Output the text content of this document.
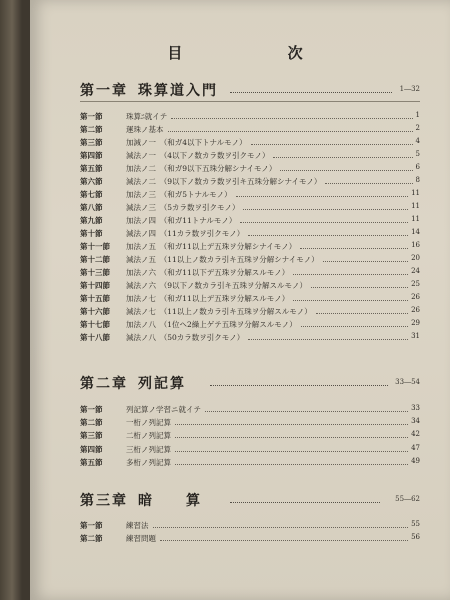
目 次
第一章 珠算道入門	1―32
第一節	珠算ﾆ就イテ	1
第二節	運珠ノ基本	2
第三節	加減ノ一　（和ガ4以下トナルモノ）	4
第四節	減法ノ一　（4以下ノ数カラ数ヲ引クモノ）	5
第五節	加法ノ二　（和ガ9以下五珠分解シナイモノ）	6
第六節	減法ノ二　（9以下ノ数カラ数ヲ引キ五珠分解シナイモノ）	8
第七節	加法ノ三　（和ガ5トナルモノ）	11
第八節	減法ノ三　（5カラ数ヲ引クモノ）	11
第九節	加法ノ四　（和ガ11トナルモノ）	11
第十節	減法ノ四　（11カラ数ヲ引クモノ）	14
第十一節 加法ノ五　（和ガ11以上デ五珠ヲ分解シナイモノ）	16
第十二節 減法ノ五　（11以上ノ数カラ引キ五珠ヲ分解シナイモノ）	20
第十三節 加法ノ六　（和ガ11以下デ五珠ヲ分解スルモノ）	24
第十四節 減法ノ六　（9以下ノ数カラ引キ五珠ヲ分解スルモノ）	25
第十五節 加法ノ七　（和ガ11以上デ五珠ヲ分解スルモノ）	26
第十六節 減法ノ七　（11以上ノ数カラ引キ五珠ヲ分解スルモノ）	26
第十七節 加法ノ八　（1位ヘ2繰上ゲテ五珠ヲ分解スルモノ）	29
第十八節 減法ノ八　（50カラ数ヲ引クモノ）	31
第二章 列記算	33―54
第一節	列記算ノ学習ニ就イテ	33
第二節	一桁ノ列記算	34
第三節	二桁ノ列記算	42
第四節	三桁ノ列記算	47
第五節	多桁ノ列記算	49
第三章 暗　　算	55―62
第一節	練習法	55
第二節	練習問題	56
